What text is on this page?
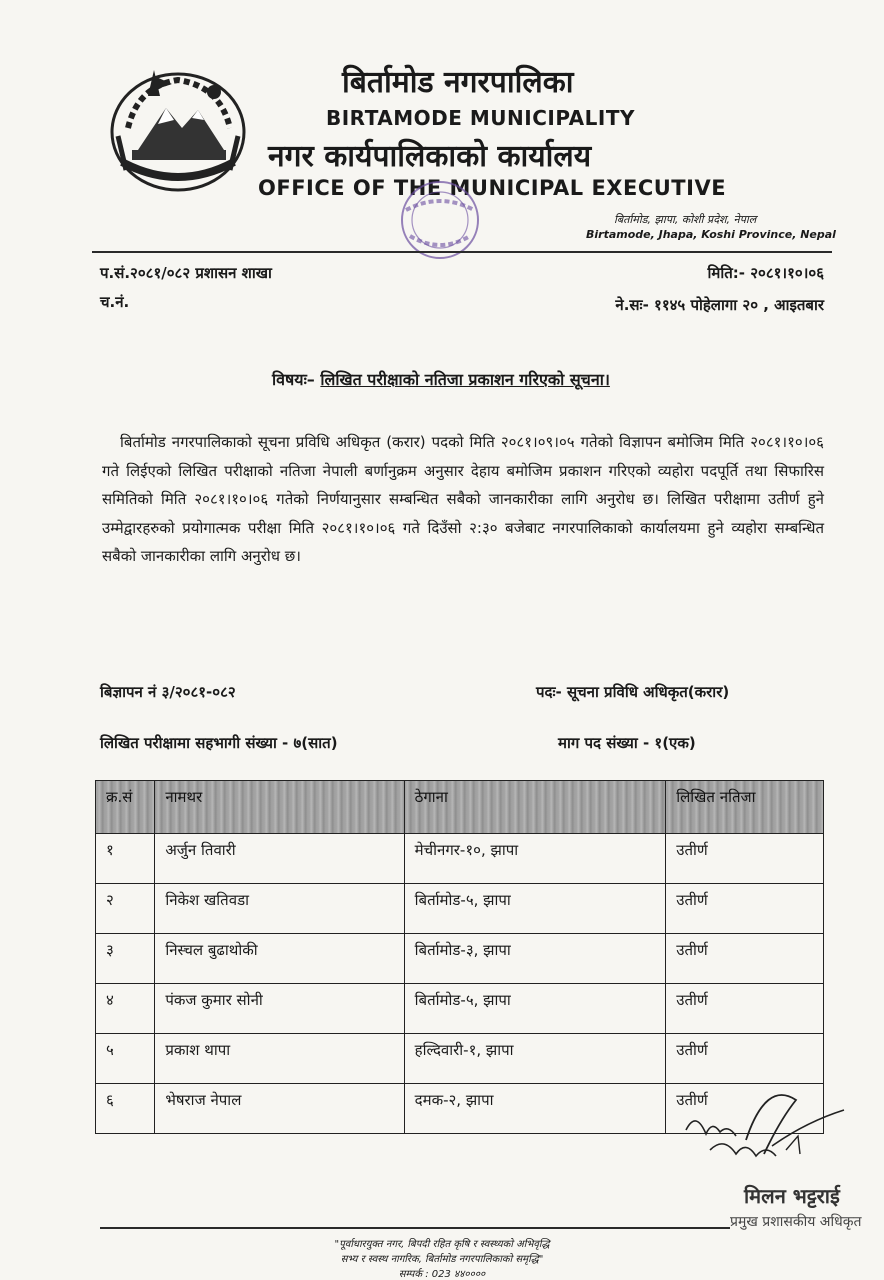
बिर्तामोड नगरपालिका
BIRTAMODE MUNICIPALITY
नगर कार्यपालिकाको कार्यालय
OFFICE OF THE MUNICIPAL EXECUTIVE
बिर्तामोड, झापा, कोशी प्रदेश, नेपाल
Birtamode, Jhapa, Koshi Province, Nepal
प.सं.२०८१/०८२ प्रशासन शाखा
च.नं.
मिति:- २०८१।१०।०६
ने.सः- ११४५ पोहेलागा २० , आइतबार
विषयः– लिखित परीक्षाको नतिजा प्रकाशन गरिएको सूचना।
बिर्तामोड नगरपालिकाको सूचना प्रविधि अधिकृत (करार) पदको मिति २०८१।०९।०५ गतेको विज्ञापन बमोजिम मिति २०८१।१०।०६ गते लिईएको लिखित परीक्षाको नतिजा नेपाली बर्णानुक्रम अनुसार देहाय बमोजिम प्रकाशन गरिएको व्यहोरा पदपूर्ति तथा सिफारिस समितिको मिति २०८१।१०।०६ गतेको निर्णयानुसार सम्बन्धित सबैको जानकारीका लागि अनुरोध छ। लिखित परीक्षामा उतीर्ण हुने उम्मेद्वारहरुको प्रयोगात्मक परीक्षा मिति २०८१।१०।०६ गते दिउँसो २:३० बजेबाट नगरपालिकाको कार्यालयमा हुने व्यहोरा सम्बन्धित सबैको जानकारीका लागि अनुरोध छ।
बिज्ञापन नं ३/२०८१-०८२	पदः- सूचना प्रविधि अधिकृत(करार)
लिखित परीक्षामा सहभागी संख्या - ७(सात)	माग पद संख्या - १(एक)
क्र.सं	नामथर	ठेगाना	लिखित नतिजा
१	अर्जुन तिवारी	मेचीनगर-१०, झापा	उतीर्ण
२	निकेश खतिवडा	बिर्तामोड-५, झापा	उतीर्ण
३	निस्चल बुढाथोकी	बिर्तामोड-३, झापा	उतीर्ण
४	पंकज कुमार सोनी	बिर्तामोड-५, झापा	उतीर्ण
५	प्रकाश थापा	हल्दिवारी-१, झापा	उतीर्ण
६	भेषराज नेपाल	दमक-२, झापा	उतीर्ण
मिलन भट्टराई
प्रमुख प्रशासकीय अधिकृत
"पूर्वाधारयुक्त नगर, बिपदी रहित कृषि र स्वस्थ्यको अभिवृद्धि
सभ्य र स्वस्थ नागरिक, बिर्तामोड नगरपालिकाको समृद्धि"
सम्पर्क : 023 ४४००००
